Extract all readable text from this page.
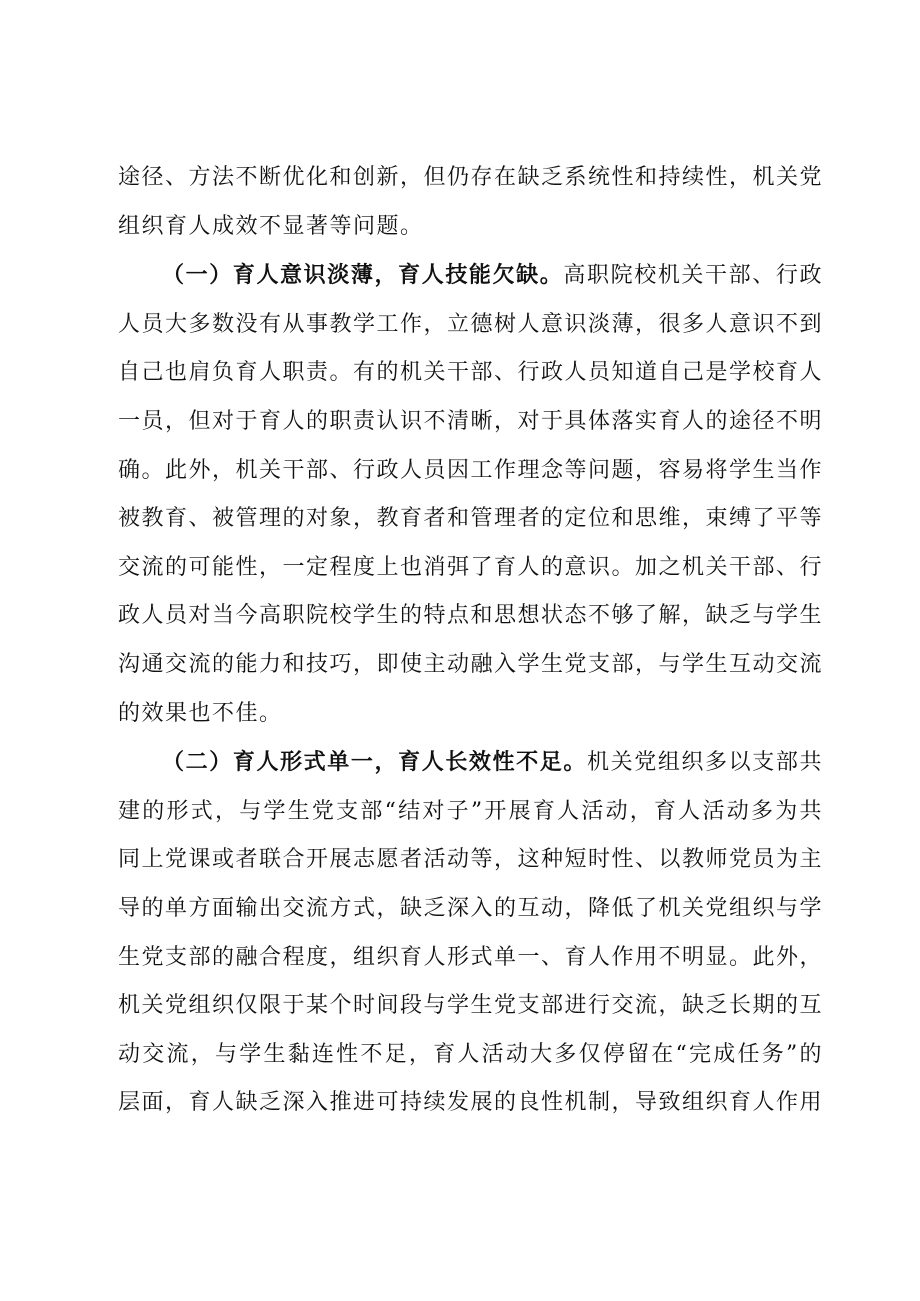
途径、方法不断优化和创新，但仍存在缺乏系统性和持续性，机关党组织育人成效不显著等问题。

（一）育人意识淡薄，育人技能欠缺。高职院校机关干部、行政人员大多数没有从事教学工作，立德树人意识淡薄，很多人意识不到自己也肩负育人职责。有的机关干部、行政人员知道自己是学校育人一员，但对于育人的职责认识不清晰，对于具体落实育人的途径不明确。此外，机关干部、行政人员因工作理念等问题，容易将学生当作被教育、被管理的对象，教育者和管理者的定位和思维，束缚了平等交流的可能性，一定程度上也消弭了育人的意识。加之机关干部、行政人员对当今高职院校学生的特点和思想状态不够了解，缺乏与学生沟通交流的能力和技巧，即使主动融入学生党支部，与学生互动交流的效果也不佳。

（二）育人形式单一，育人长效性不足。机关党组织多以支部共建的形式，与学生党支部“结对子”开展育人活动，育人活动多为共同上党课或者联合开展志愿者活动等，这种短时性、以教师党员为主导的单方面输出交流方式，缺乏深入的互动，降低了机关党组织与学生党支部的融合程度，组织育人形式单一、育人作用不明显。此外，机关党组织仅限于某个时间段与学生党支部进行交流，缺乏长期的互动交流，与学生黏连性不足，育人活动大多仅停留在“完成任务”的层面，育人缺乏深入推进可持续发展的良性机制，导致组织育人作用
